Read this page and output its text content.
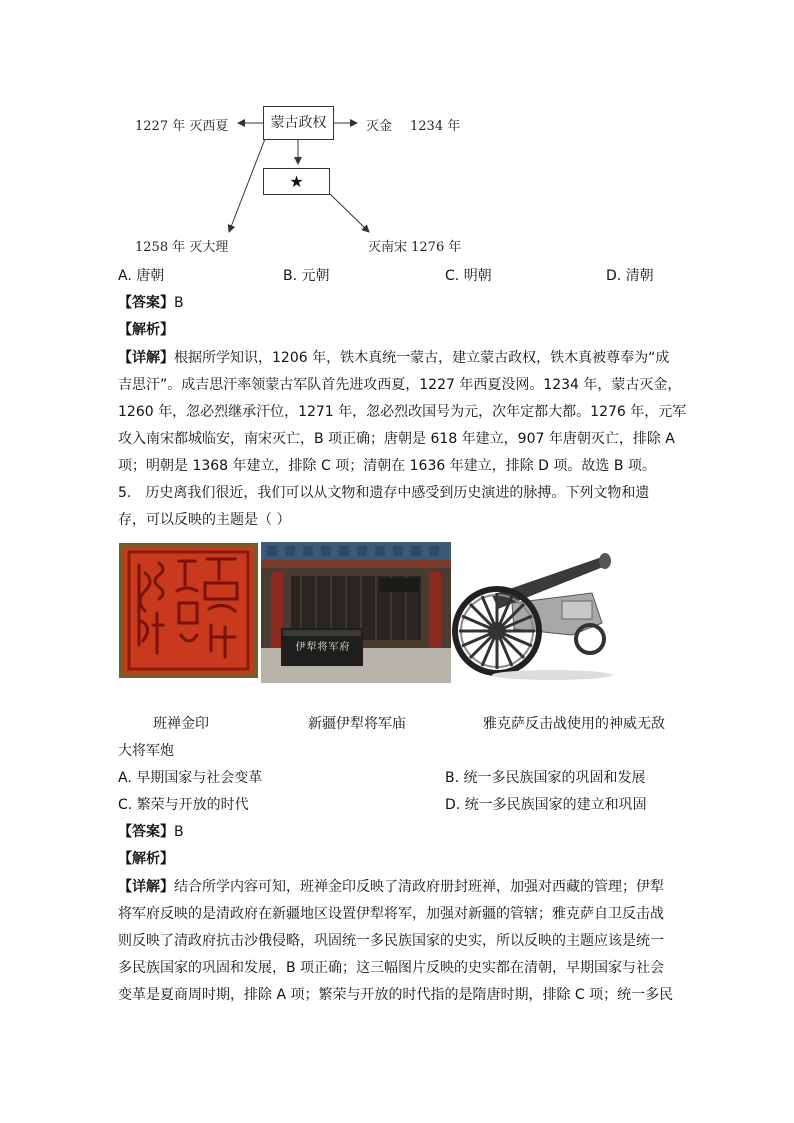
蒙古政权
★
1227 年 灭西夏	灭金 1234 年
1258 年 灭大理	灭南宋 1276 年
A. 唐朝	B. 元朝	C. 明朝	D. 清朝
【答案】B
【解析】
【详解】根据所学知识，1206 年，铁木真统一蒙古，建立蒙古政权，铁木真被尊奉为“成
吉思汗”。成吉思汗率领蒙古军队首先进攻西夏，1227 年西夏没网。1234 年，蒙古灭金，
1260 年，忽必烈继承汗位，1271 年，忽必烈改国号为元，次年定都大都。1276 年，元军
攻入南宋都城临安，南宋灭亡，B 项正确；唐朝是 618 年建立，907 年唐朝灭亡，排除 A
项；明朝是 1368 年建立，排除 C 项；清朝在 1636 年建立，排除 D 项。故选 B 项。
5. 历史离我们很近，我们可以从文物和遗存中感受到历史演进的脉搏。下列文物和遗
存，可以反映的主题是（ ）
伊犁将军府
班禅金印	新疆伊犁将军庙	雅克萨反击战使用的神威无敌
大将军炮
A. 早期国家与社会变革	B. 统一多民族国家的巩固和发展
C. 繁荣与开放的时代	D. 统一多民族国家的建立和巩固
【答案】B
【解析】
【详解】结合所学内容可知，班禅金印反映了清政府册封班禅，加强对西藏的管理；伊犁
将军府反映的是清政府在新疆地区设置伊犁将军，加强对新疆的管辖；雅克萨自卫反击战
则反映了清政府抗击沙俄侵略，巩固统一多民族国家的史实，所以反映的主题应该是统一
多民族国家的巩固和发展，B 项正确；这三幅图片反映的史实都在清朝，早期国家与社会
变革是夏商周时期，排除 A 项；繁荣与开放的时代指的是隋唐时期，排除 C 项；统一多民
